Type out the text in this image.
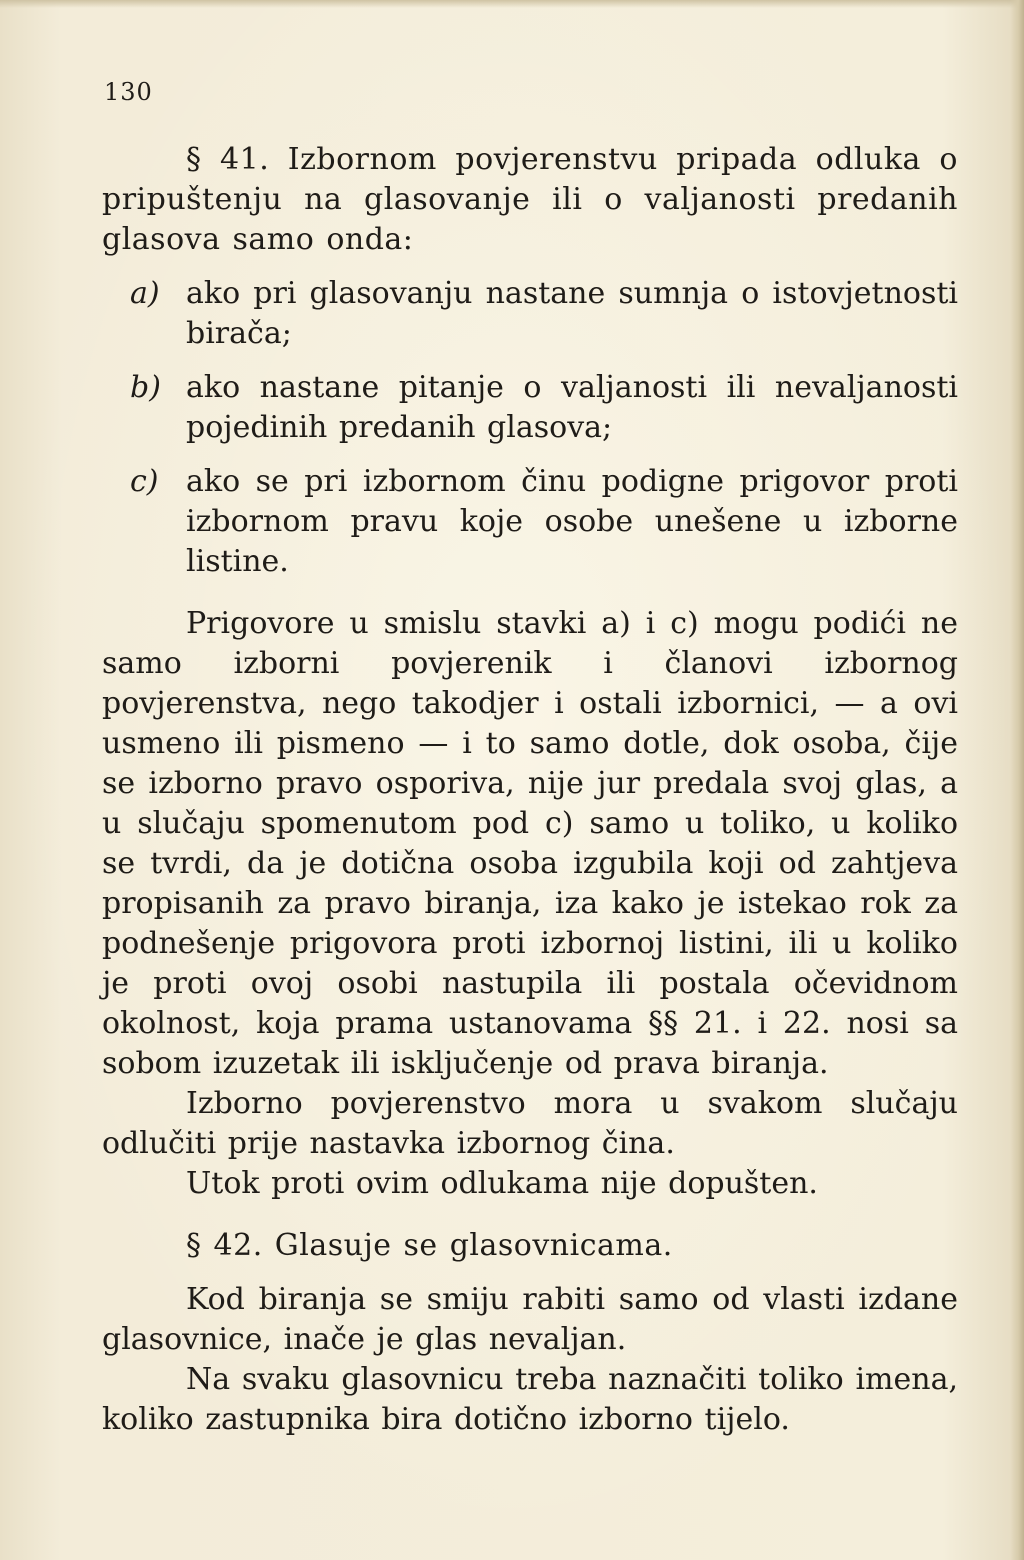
130

§ 41. Izbornom povjerenstvu pripada odluka o pripuštenju na glasovanje ili o valjanosti predanih glasova samo onda:

a) ako pri glasovanju nastane sumnja o istovjetnosti birača;
b) ako nastane pitanje o valjanosti ili nevaljanosti pojedinih predanih glasova;
c) ako se pri izbornom činu podigne prigovor proti izbornom pravu koje osobe unešene u izborne listine.

Prigovore u smislu stavki a) i c) mogu podići ne samo izborni povjerenik i članovi izbornog povjerenstva, nego takodjer i ostali izbornici, — a ovi usmeno ili pismeno — i to samo dotle, dok osoba, čije se izborno pravo osporiva, nije jur predala svoj glas, a u slučaju spomenutom pod c) samo u toliko, u koliko se tvrdi, da je dotična osoba izgubila koji od zahtjeva propisanih za pravo biranja, iza kako je istekao rok za podnešenje prigovora proti izbornoj listini, ili u koliko je proti ovoj osobi nastupila ili postala očevidnom okolnost, koja prama ustanovama §§ 21. i 22. nosi sa sobom izuzetak ili isključenje od prava biranja.

Izborno povjerenstvo mora u svakom slučaju odlučiti prije nastavka izbornog čina.

Utok proti ovim odlukama nije dopušten.

§ 42. Glasuje se glasovnicama.

Kod biranja se smiju rabiti samo od vlasti izdane glasovnice, inače je glas nevaljan.

Na svaku glasovnicu treba naznačiti toliko imena, koliko zastupnika bira dotično izborno tijelo.
